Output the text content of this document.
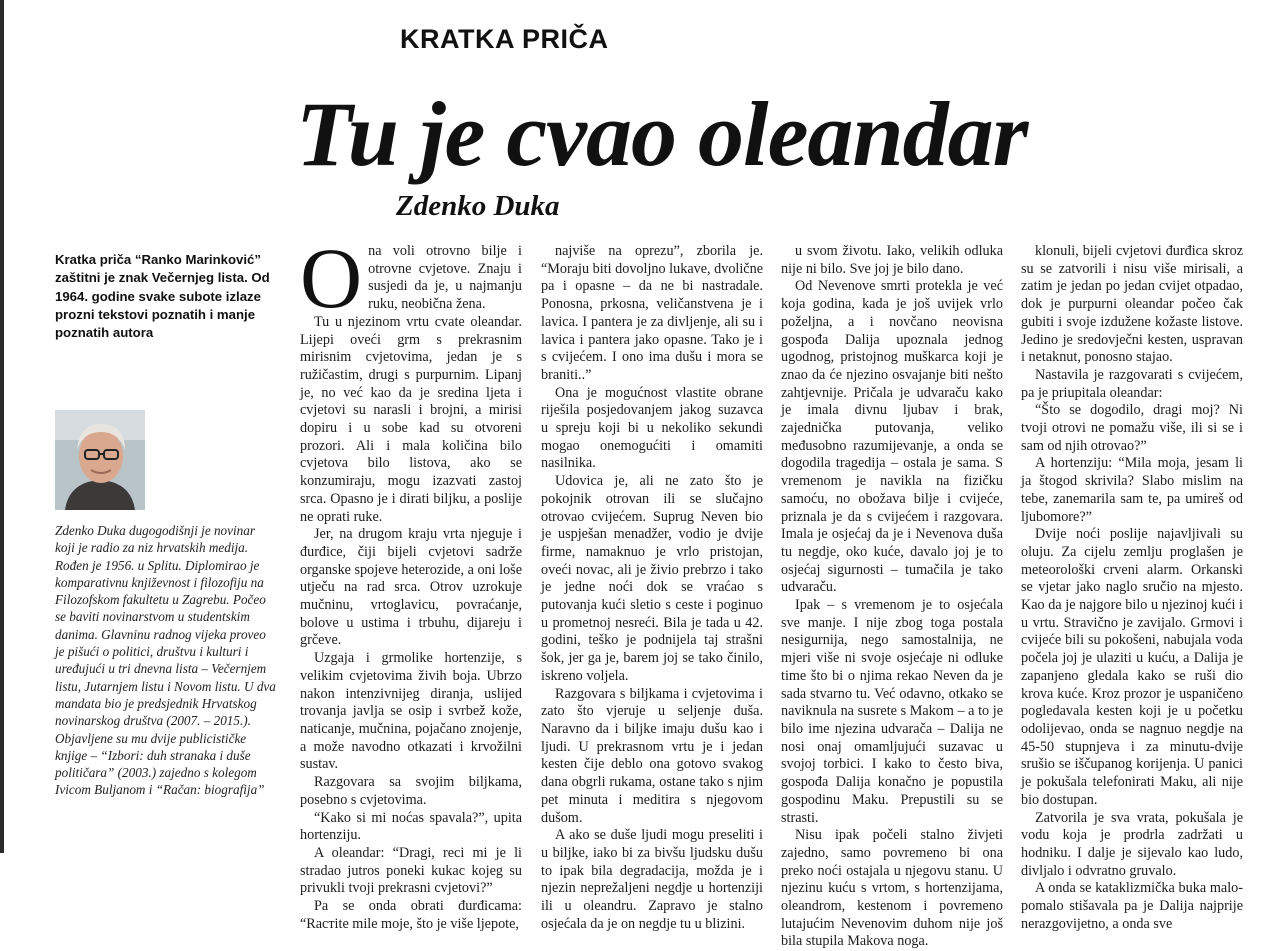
KRATKA PRIČA
Tu je cvao oleandar
Zdenko Duka
Kratka priča “Ranko Marinković” zaštitni je znak Večernjeg lista. Od 1964. godine svake subote izlaze prozni tekstovi poznatih i manje poznatih autora
Zdenko Duka dugogodišnji je novinar koji je radio za niz hrvatskih medija. Rođen je 1956. u Splitu. Diplomirao je komparativnu književnost i filozofiju na Filozofskom fakultetu u Zagrebu. Počeo se baviti novinarstvom u studentskim danima. Glavninu radnog vijeka proveo je pišući o politici, društvu i kulturi i uređujući u tri dnevna lista – Večernjem listu, Jutarnjem listu i Novom listu. U dva mandata bio je predsjednik Hrvatskog novinarskog društva (2007. – 2015.). Objavljene su mu dvije publicističke knjige – “Izbori: duh stranaka i duše političara” (2003.) zajedno s kolegom Ivicom Buljanom i “Račan: biografija”

Ona voli otrovno bilje i otrovne cvjetove. Znaju i susjedi da je, u najmanju ruku, neobična žena.

Tu u njezinom vrtu cvate oleandar. Lijepi oveći grm s prekrasnim mirisnim cvjetovima, jedan je s ružičastim, drugi s purpurnim. Lipanj je, no već kao da je sredina ljeta i cvjetovi su narasli i brojni, a mirisi dopiru i u sobe kad su otvoreni prozori. Ali i mala količina bilo cvjetova bilo listova, ako se konzumiraju, mogu izazvati zastoj srca. Opasno je i dirati biljku, a poslije ne oprati ruke.

Jer, na drugom kraju vrta njeguje i đurđice, čiji bijeli cvjetovi sadrže organske spojeve heterozide, a oni loše utječu na rad srca. Otrov uzrokuje mučninu, vrtoglavicu, povraćanje, bolove u ustima i trbuhu, dijareju i grčeve.

Uzgaja i grmolike hortenzije, s velikim cvjetovima živih boja. Ubrzo nakon intenzivnijeg diranja, uslijed trovanja javlja se osip i svrbež kože, naticanje, mučnina, pojačano znojenje, a može navodno otkazati i krvožilni sustav.

Razgovara sa svojim biljkama, posebno s cvjetovima.

“Kako si mi noćas spavala?”, upita hortenziju.

A oleandar: “Dragi, reci mi je li stradao jutros poneki kukac kojeg su privukli tvoji prekrasni cvjetovi?”

Pa se onda obrati đurđicama: “Raстite mile moje, što je više ljepote,

najviše na oprezu”, zborila je. “Moraju biti dovoljno lukave, dvolične pa i opasne – da ne bi nastradale. Ponosna, prkosna, veličanstvena je i lavica. I pantera je za divljenje, ali su i lavica i pantera jako opasne. Tako je i s cvijećem. I ono ima dušu i mora se braniti..”

Ona je mogućnost vlastite obrane riješila posjedovanjem jakog suzavca u spreju koji bi u nekoliko sekundi mogao onemogućiti i omamiti nasilnika.

Udovica je, ali ne zato što je pokojnik otrovan ili se slučajno otrovao cvijećem. Suprug Neven bio je uspješan menadžer, vodio je dvije firme, namaknuo je vrlo pristojan, oveći novac, ali je živio prebrzo i tako je jedne noći dok se vraćao s putovanja kući sletio s ceste i poginuo u prometnoj nesreći. Bila je tada u 42. godini, teško je podnijela taj strašni šok, jer ga je, barem joj se tako činilo, iskreno voljela.

Razgovara s biljkama i cvjetovima i zato što vjeruje u seljenje duša. Naravno da i biljke imaju dušu kao i ljudi. U prekrasnom vrtu je i jedan kesten čije deblo ona gotovo svakog dana obgrli rukama, ostane tako s njim pet minuta i meditira s njegovom dušom.

A ako se duše ljudi mogu preseliti i u biljke, iako bi za bivšu ljudsku dušu to ipak bila degradacija, možda je i njezin neprežaljeni negdje u hortenziji ili u oleandru. Zapravo je stalno osjećala da je on negdje tu u blizini.

u svom životu. Iako, velikih odluka nije ni bilo. Sve joj je bilo dano.

Od Nevenove smrti protekla je već koja godina, kada je još uvijek vrlo poželjna, a i novčano neovisna gospođa Dalija upoznala jednog ugodnog, pristojnog muškarca koji je znao da će njezino osvajanje biti nešto zahtjevnije. Pričala je udvaraču kako je imala divnu ljubav i brak, zajednička putovanja, veliko međusobno razumijevanje, a onda se dogodila tragedija – ostala je sama. S vremenom je navikla na fizičku samoću, no obožava bilje i cvijeće, priznala je da s cvijećem i razgovara. Imala je osjećaj da je i Nevenova duša tu negdje, oko kuće, davalo joj je to osjećaj sigurnosti – tumačila je tako udvaraču.

Ipak – s vremenom je to osjećala sve manje. I nije zbog toga postala nesigurnija, nego samostalnija, ne mjeri više ni svoje osjećaje ni odluke time što bi o njima rekao Neven da je sada stvarno tu. Već odavno, otkako se naviknula na susrete s Makom – a to je bilo ime njezina udvarača – Dalija ne nosi onaj omamljujući suzavac u svojoj torbici. I kako to često biva, gospođa Dalija konačno je popustila gospodinu Maku. Prepustili su se strasti.

Nisu ipak počeli stalno živjeti zajedno, samo povremeno bi ona preko noći ostajala u njegovu stanu. U njezinu kuću s vrtom, s hortenzijama, oleandrom, kestenom i povremeno lutajućim Nevenovim duhom nije još bila stupila Makova noga.

klonuli, bijeli cvjetovi đurđica skroz su se zatvorili i nisu više mirisali, a zatim je jedan po jedan cvijet otpadao, dok je purpurni oleandar počeo čak gubiti i svoje izdužene kožaste listove. Jedino je sredovječni kesten, uspravan i netaknut, ponosno stajao.

Nastavila je razgovarati s cvijećem, pa je priupitala oleandar:

“Što se dogodilo, dragi moj? Ni tvoji otrovi ne pomažu više, ili si se i sam od njih otrovao?”

A hortenziju: “Mila moja, jesam li ja štogod skrivila? Slabo mislim na tebe, zanemarila sam te, pa umireš od ljubomore?”

Dvije noći poslije najavljivali su oluju. Za cijelu zemlju proglašen je meteorološki crveni alarm. Orkanski se vjetar jako naglo sručio na mjesto. Kao da je najgore bilo u njezinoj kući i u vrtu. Stravično je zavijalo. Grmovi i cvijeće bili su pokošeni, nabujala voda počela joj je ulaziti u kuću, a Dalija je zapanjeno gledala kako se ruši dio krova kuće. Kroz prozor je uspaničeno pogledavala kesten koji je u početku odolijevao, onda se nagnuo negdje na 45-50 stupnjeva i za minutu-dvije srušio se iščupanog korijenja. U panici je pokušala telefonirati Maku, ali nije bio dostupan.

Zatvorila je sva vrata, pokušala je vodu koja je prodrla zadržati u hodniku. I dalje je sijevalo kao ludo, divljalo i odvratno gruvalo.

A onda se kataklizmička buka malo-pomalo stišavala pa je Dalija najprije nerazgovijetno, a onda sve
